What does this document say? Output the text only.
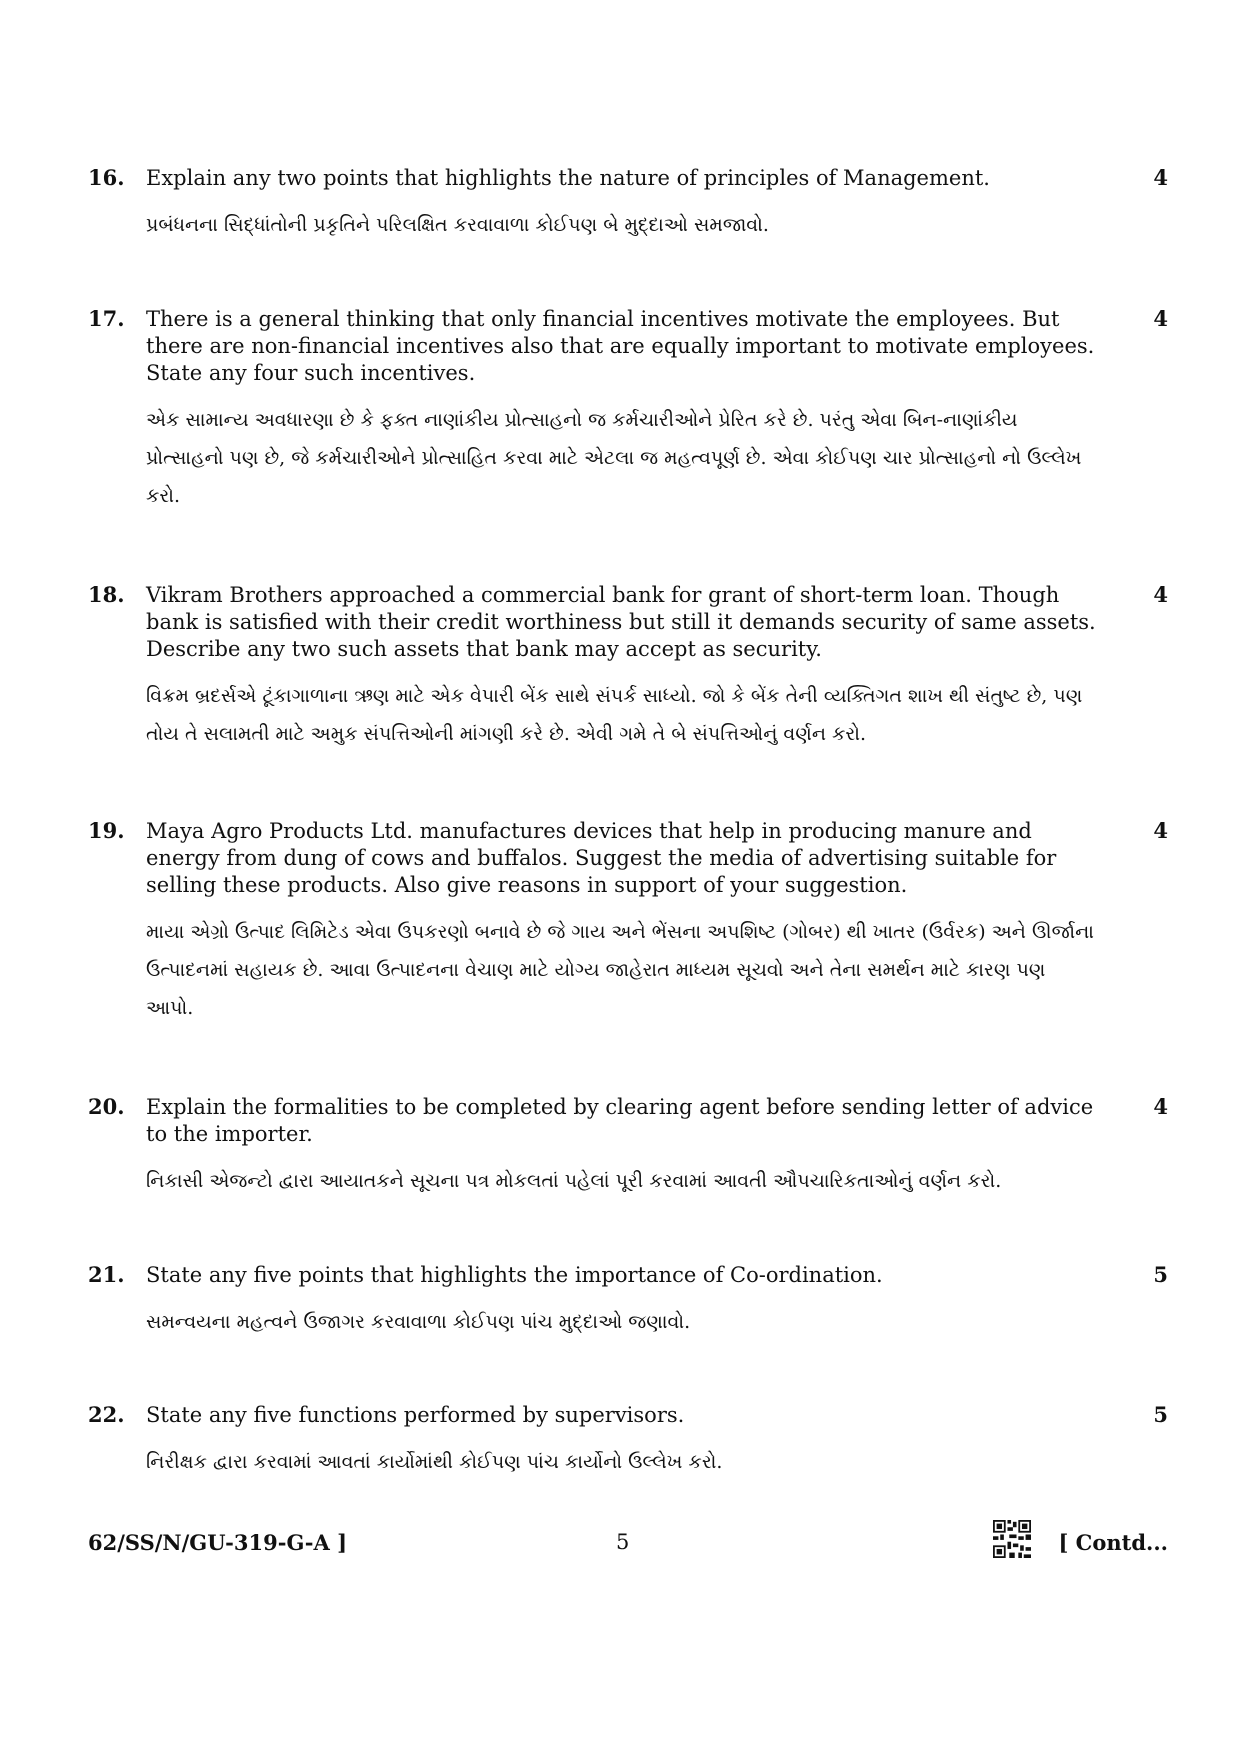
16.	Explain any two points that highlights the nature of principles of Management.
પ્રબંધનના સિદ્ધાંતોની પ્રકૃતિને પરિલક્ષિત કરવાવાળા કોઈપણ બે મુદ્દાઓ સમજાવો.
4
17.	There is a general thinking that only financial incentives motivate the employees. But there are non-financial incentives also that are equally important to motivate employees. State any four such incentives.
એક સામાન્ય અવધારણા છે કે ફક્ત નાણાંકીય પ્રોત્સાહનો જ કર્મચારીઓને પ્રેરિત કરે છે. પરંતુ એવા બિન-નાણાંકીય પ્રોત્સાહનો પણ છે, જે કર્મચારીઓને પ્રોત્સાહિત કરવા માટે એટલા જ મહત્વપૂર્ણ છે. એવા કોઈપણ ચાર પ્રોત્સાહનો નો ઉલ્લેખ કરો.
4
18.	Vikram Brothers approached a commercial bank for grant of short-term loan. Though bank is satisfied with their credit worthiness but still it demands security of same assets. Describe any two such assets that bank may accept as security.
વિક્રમ બ્રદર્સએ ટૂંકાગાળાના ઋણ માટે એક વેપારી બેંક સાથે સંપર્ક સાધ્યો. જો કે બેંક તેની વ્યક્તિગત શાખ થી સંતુષ્ટ છે, પણ તોય તે સલામતી માટે અમુક સંપત્તિઓની માંગણી કરે છે. એવી ગમે તે બે સંપત્તિઓનું વર્ણન કરો.
4
19.	Maya Agro Products Ltd. manufactures devices that help in producing manure and energy from dung of cows and buffalos. Suggest the media of advertising suitable for selling these products. Also give reasons in support of your suggestion.
માયા એગ્રો ઉત્પાદ લિમિટેડ એવા ઉપકરણો બનાવે છે જે ગાય અને ભેંસના અપશિષ્ટ (ગોબર) થી ખાતર (ઉર્વરક) અને ઊર્જાના ઉત્પાદનમાં સહાયક છે. આવા ઉત્પાદનના વેચાણ માટે યોગ્ય જાહેરાત માધ્યમ સૂચવો અને તેના સમર્થન માટે કારણ પણ આપો.
4
20.	Explain the formalities to be completed by clearing agent before sending letter of advice to the importer.
નિકાસી એજન્ટો દ્વારા આયાતકને સૂચના પત્ર મોકલતાં પહેલાં પૂરી કરવામાં આવતી ઔપચારિકતાઓનું વર્ણન કરો.
4
21.	State any five points that highlights the importance of Co-ordination.
સમન્વયના મહત્વને ઉજાગર કરવાવાળા કોઈપણ પાંચ મુદ્દાઓ જણાવો.
5
22.	State any five functions performed by supervisors.
નિરીક્ષક દ્વારા કરવામાં આવતાં કાર્યોમાંથી કોઈપણ પાંચ કાર્યોનો ઉલ્લેખ કરો.
5
62/SS/N/GU-319-G-A ]	5	[ Contd...
